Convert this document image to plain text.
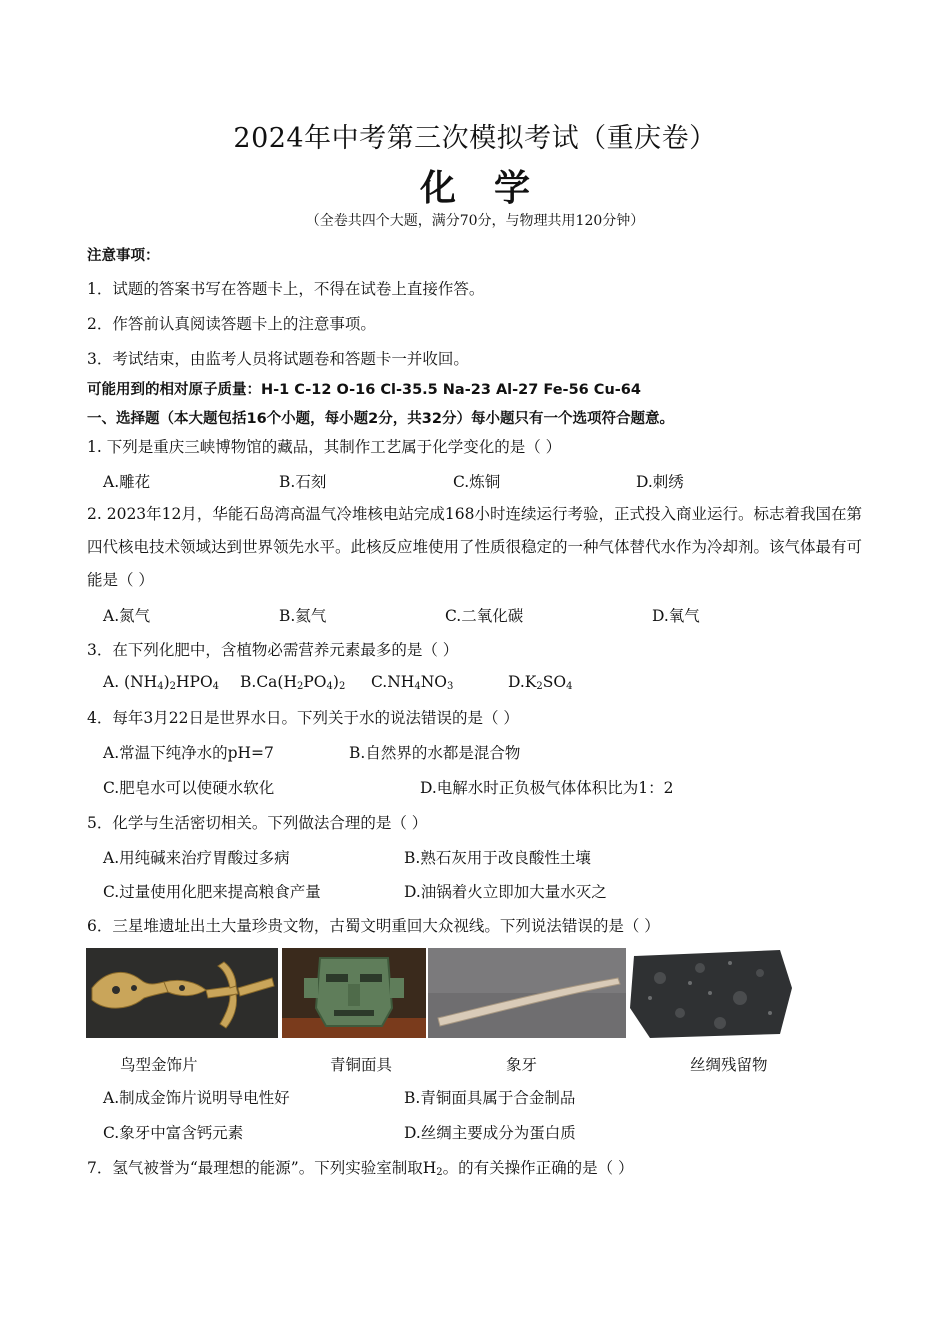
2024年中考第三次模拟考试（重庆卷）
化学
（全卷共四个大题，满分70分，与物理共用120分钟）
注意事项：
1．试题的答案书写在答题卡上，不得在试卷上直接作答。
2．作答前认真阅读答题卡上的注意事项。
3．考试结束，由监考人员将试题卷和答题卡一并收回。
可能用到的相对原子质量：H-1 C-12 O-16 Cl-35.5 Na-23 Al-27 Fe-56 Cu-64
一、选择题（本大题包括16个小题，每小题2分，共32分）每小题只有一个选项符合题意。
1. 下列是重庆三峡博物馆的藏品，其制作工艺属于化学变化的是（ ）
A.雕花	B.石刻	C.炼铜	D.刺绣
2. 2023年12月，华能石岛湾高温气冷堆核电站完成168小时连续运行考验，正式投入商业运行。标志着我国在第四代核电技术领域达到世界领先水平。此核反应堆使用了性质很稳定的一种气体替代水作为冷却剂。该气体最有可能是（ ）
A.氮气	B.氦气	C.二氧化碳	D.氧气
3．在下列化肥中，含植物必需营养元素最多的是（ ）
A. $(NH_4)_2HPO_4$ $B.Ca(H_2PO_4)_2$ $C.NH_4NO_3$	$D.K_2SO_4$
4．每年3月22日是世界水日。下列关于水的说法错误的是（ ）
A.常温下纯净水的pH=7	B.自然界的水都是混合物
C.肥皂水可以使硬水软化	D.电解水时正负极气体体积比为1：2
5．化学与生活密切相关。下列做法合理的是（ ）
A.用纯碱来治疗胃酸过多病	B.熟石灰用于改良酸性土壤
C.过量使用化肥来提高粮食产量	D.油锅着火立即加大量水灭之
6．三星堆遗址出土大量珍贵文物，古蜀文明重回大众视线。下列说法错误的是（ ）
鸟型金饰片	青铜面具	象牙	丝绸残留物
A.制成金饰片说明导电性好	B.青铜面具属于合金制品
C.象牙中富含钙元素	D.丝绸主要成分为蛋白质
7．氢气被誉为“最理想的能源”。下列实验室制取$H_2$。的有关操作正确的是（ ）
